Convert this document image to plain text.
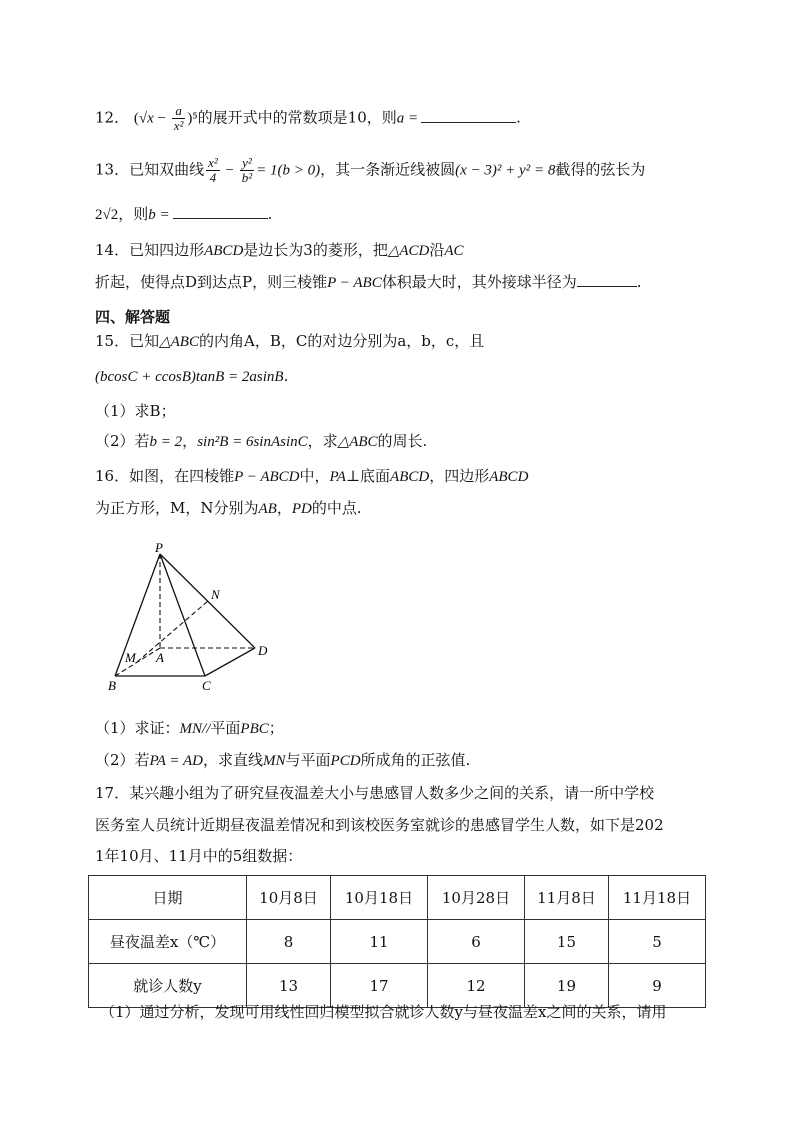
12． $(√x - \frac{a}{\text{x²}} )^5$的展开式中的常数项是10，则a =	.
13．已知双曲线 $\frac{\text{x²}}{4} - \frac{\text{y²}}{\text{b²}} = 1(b > 0)$，其一条渐近线被圆(x − 3)² + y² = 8截得的弦长为
2√2，则b =	.
14．已知四边形ABCD是边长为3的菱形，把△ACD沿AC
折起，使得点D到达点P，则三棱锥P − ABC体积最大时，其外接球半径为	.
四、解答题
15．已知△ABC的内角A，B，C的对边分别为a，b，c，且
(bcosC + ccosB)tanB = 2asinB.
（1）求B；
（2）若b = 2，sin²B = 6sinAsinC，求△ABC的周长.
16．如图，在四棱锥P − ABCD中，PA⊥底面ABCD，四边形ABCD
为正方形，M，N分别为AB，PD的中点.
P
N
M A	D
B	C
（1）求证：MN//平面PBC；
（2）若PA = AD，求直线MN与平面PCD所成角的正弦值.
17．某兴趣小组为了研究昼夜温差大小与患感冒人数多少之间的关系，请一所中学校
医务室人员统计近期昼夜温差情况和到该校医务室就诊的患感冒学生人数，如下是202
1年10月、11月中的5组数据：
日期	10月8日	10月18日	10月28日	11月8日	11月18日
昼夜温差x（℃）	8	11	6	15	5
就诊人数y	13	17	12	19	9
（1）通过分析，发现可用线性回归模型拟合就诊人数y与昼夜温差x之间的关系，请用
